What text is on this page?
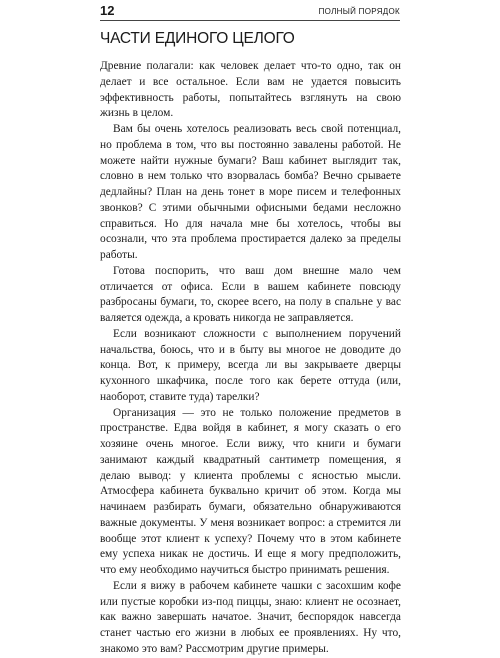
12	ПОЛНЫЙ ПОРЯДОК
ЧАСТИ ЕДИНОГО ЦЕЛОГО

Древние полагали: как человек делает что-то одно, так он делает и все остальное. Если вам не удается повысить эффективность работы, попытайтесь взглянуть на свою жизнь в целом.

Вам бы очень хотелось реализовать весь свой потенциал, но проблема в том, что вы постоянно завалены работой. Не можете найти нужные бумаги? Ваш кабинет выглядит так, словно в нем только что взорвалась бомба? Вечно срываете дедлайны? План на день тонет в море писем и телефонных звонков? С этими обычными офисными бедами несложно справиться. Но для начала мне бы хотелось, чтобы вы осознали, что эта проблема простирается далеко за пределы работы.

Готова поспорить, что ваш дом внешне мало чем отличается от офиса. Если в вашем кабинете повсюду разбросаны бумаги, то, скорее всего, на полу в спальне у вас валяется одежда, а кровать никогда не заправляется.

Если возникают сложности с выполнением поручений начальства, боюсь, что и в быту вы многое не доводите до конца. Вот, к примеру, всегда ли вы закрываете дверцы кухонного шкафчика, после того как берете оттуда (или, наоборот, ставите туда) тарелки?

Организация — это не только положение предметов в пространстве. Едва войдя в кабинет, я могу сказать о его хозяине очень многое. Если вижу, что книги и бумаги занимают каждый квадратный сантиметр помещения, я делаю вывод: у клиента проблемы с ясностью мысли. Атмосфера кабинета буквально кричит об этом. Когда мы начинаем разбирать бумаги, обязательно обнаруживаются важные документы. У меня возникает вопрос: а стремится ли вообще этот клиент к успеху? Почему что в этом кабинете ему успеха никак не достичь. И еще я могу предположить, что ему необходимо научиться быстро принимать решения.

Если я вижу в рабочем кабинете чашки с засохшим кофе или пустые коробки из-под пиццы, знаю: клиент не осознает, как важно завершать начатое. Значит, беспорядок навсегда станет частью его жизни в любых ее проявлениях. Ну что, знакомо это вам? Рассмотрим другие примеры.
